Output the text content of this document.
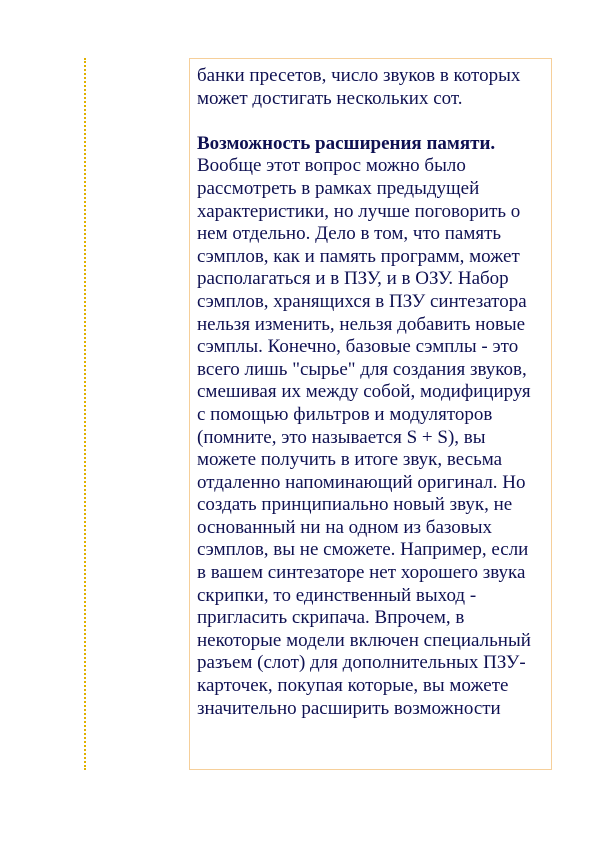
банки пресетов, число звуков в которых
может достигать нескольких сот.

Возможность расширения памяти.
Вообще этот вопрос можно было
рассмотреть в рамках предыдущей
характеристики, но лучше поговорить о
нем отдельно. Дело в том, что память
сэмплов, как и память программ, может
располагаться и в ПЗУ, и в ОЗУ. Набор
сэмплов, хранящихся в ПЗУ синтезатора
нельзя изменить, нельзя добавить новые
сэмплы. Конечно, базовые сэмплы - это
всего лишь "сырье" для создания звуков,
смешивая их между собой, модифицируя
с помощью фильтров и модуляторов
(помните, это называется S + S), вы
можете получить в итоге звук, весьма
отдаленно напоминающий оригинал. Но
создать принципиально новый звук, не
основанный ни на одном из базовых
сэмплов, вы не сможете. Например, если
в вашем синтезаторе нет хорошего звука
скрипки, то единственный выход -
пригласить скрипача. Впрочем, в
некоторые модели включен специальный
разъем (слот) для дополнительных ПЗУ-
карточек, покупая которые, вы можете
значительно расширить возможности
